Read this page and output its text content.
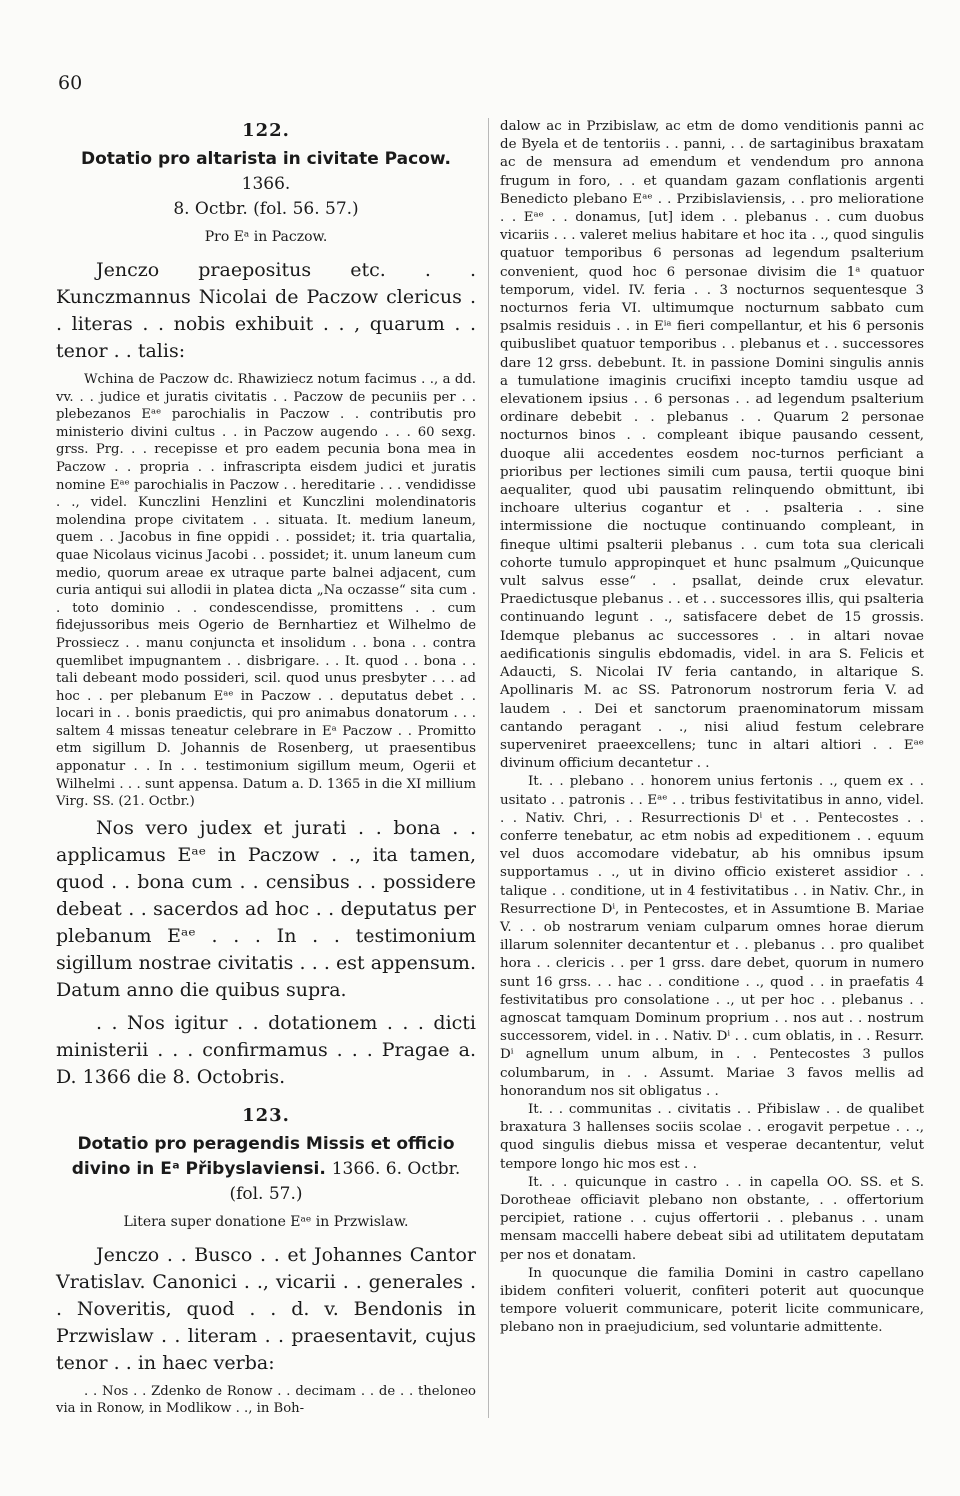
60
122.

Dotatio pro altarista in civitate Pacow. 1366.

8. Octbr. (fol. 56. 57.)

Pro Eᵃ in Paczow.

Jenczo praepositus etc. . . Kunczmannus Nicolai de Paczow clericus . . literas . . nobis exhibuit . . , quarum . . tenor . . talis:

Wchina de Paczow dc. Rhawiziecz notum facimus . ., a dd. vv. . . judice et juratis civitatis . . Paczow de pecuniis per . . plebezanos Eᵃᵉ parochialis in Paczow . . contributis pro ministerio divini cultus . . in Paczow augendo . . . 60 sexg. grss. Prg. . . recepisse et pro eadem pecunia bona mea in Paczow . . propria . . infrascripta eisdem judici et juratis nomine Eᵃᵉ parochialis in Paczow . . hereditarie . . . vendidisse . ., videl. Kunczlini Henzlini et Kunczlini molendinatoris molendina prope civitatem . . situata. It. medium laneum, quem . . Jacobus in fine oppidi . . possidet; it. tria quartalia, quae Nicolaus vicinus Jacobi . . possidet; it. unum laneum cum medio, quorum areae ex utraque parte balnei adjacent, cum curia antiqui sui allodii in platea dicta „Na oczasse“ sita cum . . toto dominio . . condescendisse, promittens . . cum fidejussoribus meis Ogerio de Bernhartiez et Wilhelmo de Prossiecz . . manu conjuncta et insolidum . . bona . . contra quemlibet impugnantem . . disbrigare. . . It. quod . . bona . . tali debeant modo possideri, scil. quod unus presbyter . . . ad hoc . . per plebanum Eᵃᵉ in Paczow . . deputatus debet . . locari in . . bonis praedictis, qui pro animabus donatorum . . . saltem 4 missas teneatur celebrare in Eᵃ Paczow . . Promitto etm sigillum D. Johannis de Rosenberg, ut praesentibus apponatur . . In . . testimonium sigillum meum, Ogerii et Wilhelmi . . . sunt appensa. Datum a. D. 1365 in die XI millium Virg. SS. (21. Octbr.)

Nos vero judex et jurati . . bona . . applicamus Eᵃᵉ in Paczow . ., ita tamen, quod . . bona cum . . censibus . . possidere debeat . . sacerdos ad hoc . . deputatus per plebanum Eᵃᵉ . . . In . . testimonium sigillum nostrae civitatis . . . est appensum. Datum anno die quibus supra.

. . Nos igitur . . dotationem . . . dicti ministerii . . . confirmamus . . . Pragae a. D. 1366 die 8. Octobris.

123.

Dotatio pro peragendis Missis et officio divino in Eᵃ Přibyslaviensi. 1366. 6. Octbr.

(fol. 57.)

Litera super donatione Eᵃᵉ in Przwislaw.

Jenczo . . Busco . . et Johannes Cantor Vratislav. Canonici . ., vicarii . . generales . . Noveritis, quod . . d. v. Bendonis in Przwislaw . . literam . . praesentavit, cujus tenor . . in haec verba:

. . Nos . . Zdenko de Ronow . . decimam . . de . . theloneo via in Ronow, in Modlikow . ., in Boh-

dalow ac in Przibislaw, ac etm de domo venditionis panni ac de Byela et de tentoriis . . panni, . . de sartaginibus braxatam ac de mensura ad emendum et vendendum pro annona frugum in foro, . . et quandam gazam conflationis argenti Benedicto plebano Eᵃᵉ . . Przibislaviensis, . . pro melioratione . . Eᵃᵉ . . donamus, [ut] idem . . plebanus . . cum duobus vicariis . . . valeret melius habitare et hoc ita . ., quod singulis quatuor temporibus 6 personas ad legendum psalterium convenient, quod hoc 6 personae divisim die 1ᵃ quatuor temporum, videl. IV. feria . . 3 nocturnos sequentesque 3 nocturnos feria VI. ultimumque nocturnum sabbato cum psalmis residuis . . in Eⁱᵃ fieri compellantur, et his 6 personis quibuslibet quatuor temporibus . . plebanus et . . successores dare 12 grss. debebunt. It. in passione Domini singulis annis a tumulatione imaginis crucifixi incepto tamdiu usque ad elevationem ipsius . . 6 personas . . ad legendum psalterium ordinare debebit . . plebanus . . Quarum 2 personae nocturnos binos . . compleant ibique pausando cessent, duoque alii accedentes eosdem noc-turnos perficiant a prioribus per lectiones simili cum pausa, tertii quoque bini aequaliter, quod ubi pausatim relinquendo obmittunt, ibi inchoare ulterius cogantur et . . psalteria . . sine intermissione die noctuque continuando compleant, in fineque ultimi psalterii plebanus . . cum tota sua clericali cohorte tumulo appropinquet et hunc psalmum „Quicunque vult salvus esse“ . . psallat, deinde crux elevatur. Praedictusque plebanus . . et . . successores illis, qui psalteria continuando legunt . ., satisfacere debet de 15 grossis. Idemque plebanus ac successores . . in altari novae aedificationis singulis ebdomadis, videl. in ara S. Felicis et Adaucti, S. Nicolai IV feria cantando, in altarique S. Apollinaris M. ac SS. Patronorum nostrorum feria V. ad laudem . . Dei et sanctorum praenominatorum missam cantando peragant . ., nisi aliud festum celebrare superveniret praeexcellens; tunc in altari altiori . . Eᵃᵉ divinum officium decantetur . .

It. . . plebano . . honorem unius fertonis . ., quem ex . . usitato . . patronis . . Eᵃᵉ . . tribus festivitatibus in anno, videl. . . Nativ. Chri, . . Resurrectionis Dⁱ et . . Pentecostes . . conferre tenebatur, ac etm nobis ad expeditionem . . equum vel duos accomodare videbatur, ab his omnibus ipsum supportamus . ., ut in divino officio existeret assidior . . talique . . conditione, ut in 4 festivitatibus . . in Nativ. Chr., in Resurrectione Dⁱ, in Pentecostes, et in Assumtione B. Mariae V. . . ob nostrarum veniam culparum omnes horae dierum illarum solenniter decantentur et . . plebanus . . pro qualibet hora . . clericis . . per 1 grss. dare debet, quorum in numero sunt 16 grss. . . hac . . conditione . ., quod . . in praefatis 4 festivitatibus pro consolatione . ., ut per hoc . . plebanus . . agnoscat tamquam Dominum proprium . . nos aut . . nostrum successorem, videl. in . . Nativ. Dⁱ . . cum oblatis, in . . Resurr. Dⁱ agnellum unum album, in . . Pentecostes 3 pullos columbarum, in . . Assumt. Mariae 3 favos mellis ad honorandum nos sit obligatus . .

It. . . communitas . . civitatis . . Přibislaw . . de qualibet braxatura 3 hallenses sociis scolae . . erogavit perpetue . . ., quod singulis diebus missa et vesperae decantentur, velut tempore longo hic mos est . .

It. . . quicunque in castro . . in capella OO. SS. et S. Dorotheae officiavit plebano non obstante, . . offertorium percipiet, ratione . . cujus offertorii . . plebanus . . unam mensam maccelli habere debeat sibi ad utilitatem deputatam per nos et donatam.

In quocunque die familia Domini in castro capellano ibidem confiteri voluerit, confiteri poterit aut quocunque tempore voluerit communicare, poterit licite communicare, plebano non in praejudicium, sed voluntarie admittente.
